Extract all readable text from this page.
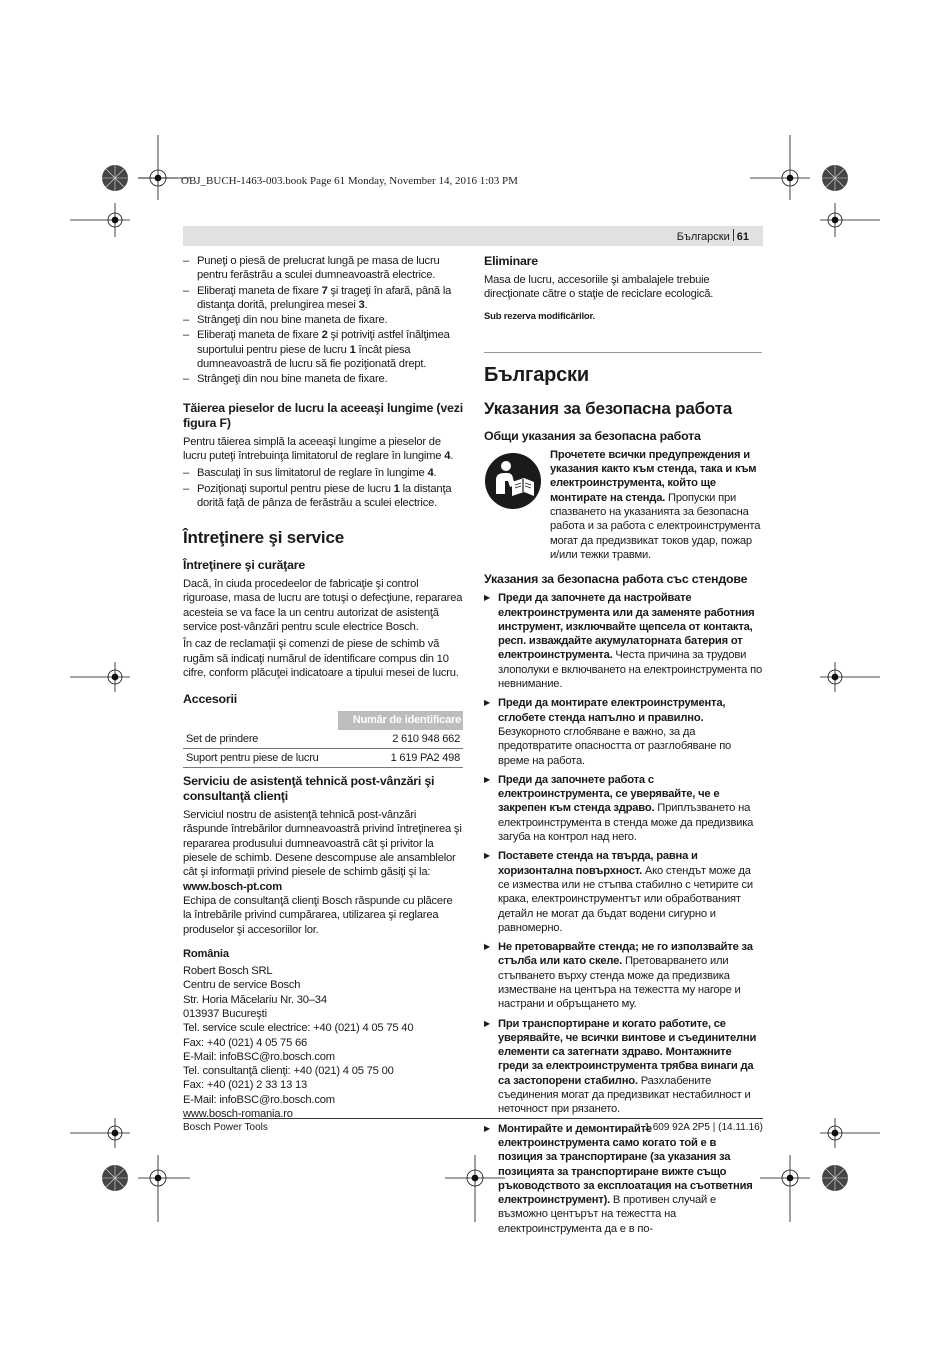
OBJ_BUCH-1463-003.book Page 61 Monday, November 14, 2016 1:03 PM
Български 61
– Puneţi o piesă de prelucrat lungă pe masa de lucru pentru ferăstrău a sculei dumneavoastră electrice.
– Eliberaţi maneta de fixare 7 şi trageţi în afară, până la distanţa dorită, prelungirea mesei 3.
– Strângeţi din nou bine maneta de fixare.
– Eliberaţi maneta de fixare 2 şi potriviţi astfel înălţimea suportului pentru piese de lucru 1 încât piesa dumneavoastră de lucru să fie poziţionată drept.
– Strângeţi din nou bine maneta de fixare.
Tăierea pieselor de lucru la aceeaşi lungime (vezi figura F)

Pentru tăierea simplă la aceeaşi lungime a pieselor de lucru puteţi întrebuinţa limitatorul de reglare în lungime 4.

– Basculaţi în sus limitatorul de reglare în lungime 4.
– Poziţionaţi suportul pentru piese de lucru 1 la distanţa dorită faţă de pânza de ferăstrău a sculei electrice.
Întreţinere şi service
Întreţinere şi curăţare

Dacă, în ciuda procedeelor de fabricaţie şi control riguroase, masa de lucru are totuşi o defecţiune, repararea acesteia se va face la un centru autorizat de asistenţă service post-vânzări pentru scule electrice Bosch.

În caz de reclamaţii şi comenzi de piese de schimb vă rugăm să indicaţi numărul de identificare compus din 10 cifre, conform plăcuţei indicatoare a tipului mesei de lucru.

Accesorii
	Număr de identificare
Set de prindere	2 610 948 662
Suport pentru piese de lucru	1 619 PA2 498
Serviciu de asistenţă tehnică post-vânzări şi consultanţă clienţi

Serviciul nostru de asistenţă tehnică post-vânzări răspunde întrebărilor dumneavoastră privind întreţinerea şi repararea produsului dumneavoastră cât şi privitor la piesele de schimb. Desene descompuse ale ansamblelor cât şi informaţii privind piesele de schimb găsiţi şi la:

www.bosch-pt.com

Echipa de consultanţă clienţi Bosch răspunde cu plăcere la întrebările privind cumpărarea, utilizarea şi reglarea produselor şi accesoriilor lor.

România

Robert Bosch SRL
Centru de service Bosch
Str. Horia Măcelariu Nr. 30–34
013937 Bucureşti
Tel. service scule electrice: +40 (021) 4 05 75 40
Fax: +40 (021) 4 05 75 66
E-Mail: infoBSC@ro.bosch.com
Tel. consultanţă clienţi: +40 (021) 4 05 75 00
Fax: +40 (021) 2 33 13 13
E-Mail: infoBSC@ro.bosch.com
www.bosch-romania.ro
Eliminare

Masa de lucru, accesoriile şi ambalajele trebuie direcţionate către o staţie de reciclare ecologică.

Sub rezerva modificărilor.

Български
Указания за безопасна работа
Общи указания за безопасна работа

Прочетете всички предупреждения и указания както към стенда, така и към електроинструмента, който ще монтирате на стенда. Пропуски при спазването на указанията за безопасна работа и за работа с електроинструмента могат да предизвикат токов удар, пожар и/или тежки травми.

Указания за безопасна работа със стендове
▶ Преди да започнете да настройвате електроинструмента или да заменяте работния инструмент, изключвайте щепсела от контакта, респ. изваждайте акумулаторната батерия от електроинструмента. Честа причина за трудови злополуки е включването на електроинструмента по невнимание.
▶ Преди да монтирате електроинструмента, сглобете стенда напълно и правилно. Безукорното сглобяване е важно, за да предотвратите опасността от разглобяване по време на работа.
▶ Преди да започнете работа с електроинструмента, се уверявайте, че е закрепен към стенда здраво. Приплъзването на електроинструмента в стенда може да предизвика загуба на контрол над него.
▶ Поставете стенда на твърда, равна и хоризонтална повърхност. Ако стендът може да се измества или не стъпва стабилно с четирите си крака, електроинструментът или обработваният детайл не могат да бъдат водени сигурно и равномерно.
▶ Не претоварвайте стенда; не го използвайте за стълба или като скеле. Претоварването или стъпването върху стенда може да предизвика изместване на центъра на тежестта му нагоре и настрани и обръщането му.
▶ При транспортиране и когато работите, се уверявайте, че всички винтове и съединителни елементи са затегнати здраво. Монтажните греди за електроинструмента трябва винаги да са застопорени стабилно. Разхлабените съединения могат да предизвикат нестабилност и неточност при рязането.
▶ Монтирайте и демонтирайте електроинструмента само когато той е в позиция за транспортиране (за указания за позицията за транспортиране вижте също ръководството за експлоатация на съответния електроинструмент). В противен случай е възможно центърът на тежестта на електроинструмента да е в по-
Bosch Power Tools	1 609 92A 2P5 | (14.11.16)
